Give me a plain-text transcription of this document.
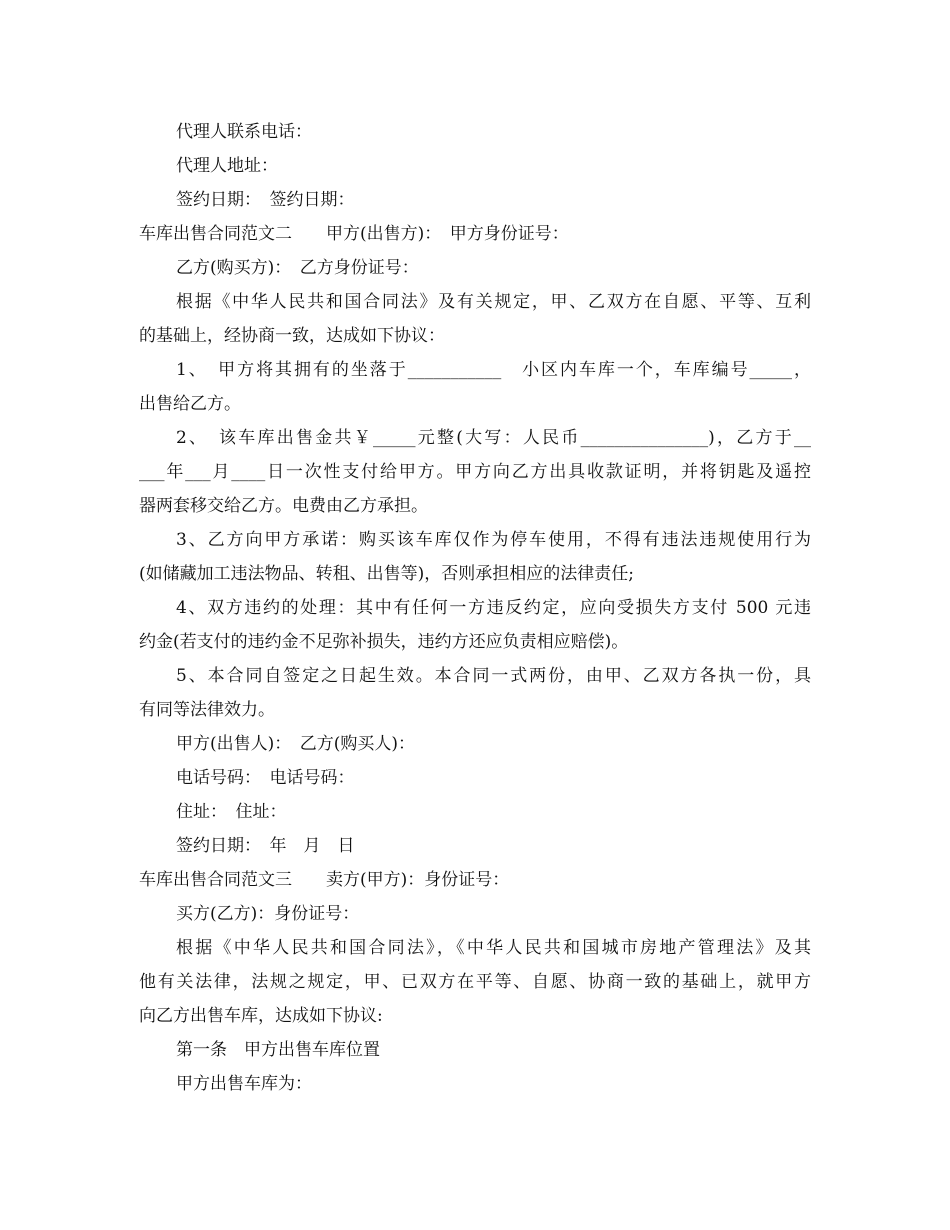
代理人联系电话：
代理人地址：
签约日期：　签约日期：
车库出售合同范文二　　甲方(出售方)：　甲方身份证号：
乙方(购买方)：　乙方身份证号：
根据《中华人民共和国合同法》及有关规定，甲、乙双方在自愿、平等、互利
的基础上，经协商一致，达成如下协议：
1、　甲方将其拥有的坐落于___________　小区内车库一个，车库编号_____，
出售给乙方。
2、　该车库出售金共￥_____元整(大写：人民币_______________)，乙方于__
___年___月____日一次性支付给甲方。甲方向乙方出具收款证明，并将钥匙及遥控
器两套移交给乙方。电费由乙方承担。
3、乙方向甲方承诺：购买该车库仅作为停车使用，不得有违法违规使用行为
(如储藏加工违法物品、转租、出售等)，否则承担相应的法律责任;
4、双方违约的处理：其中有任何一方违反约定，应向受损失方支付 500 元违
约金(若支付的违约金不足弥补损失，违约方还应负责相应赔偿)。
5、本合同自签定之日起生效。本合同一式两份，由甲、乙双方各执一份，具
有同等法律效力。
甲方(出售人)：　乙方(购买人)：
电话号码：　电话号码：
住址：　住址：
签约日期：　年　月　日
车库出售合同范文三　　卖方(甲方)：身份证号：
买方(乙方)：身份证号：
根据《中华人民共和国合同法》，《中华人民共和国城市房地产管理法》及其
他有关法律，法规之规定，甲、已双方在平等、自愿、协商一致的基础上，就甲方
向乙方出售车库，达成如下协议:
第一条　甲方出售车库位置
甲方出售车库为：
